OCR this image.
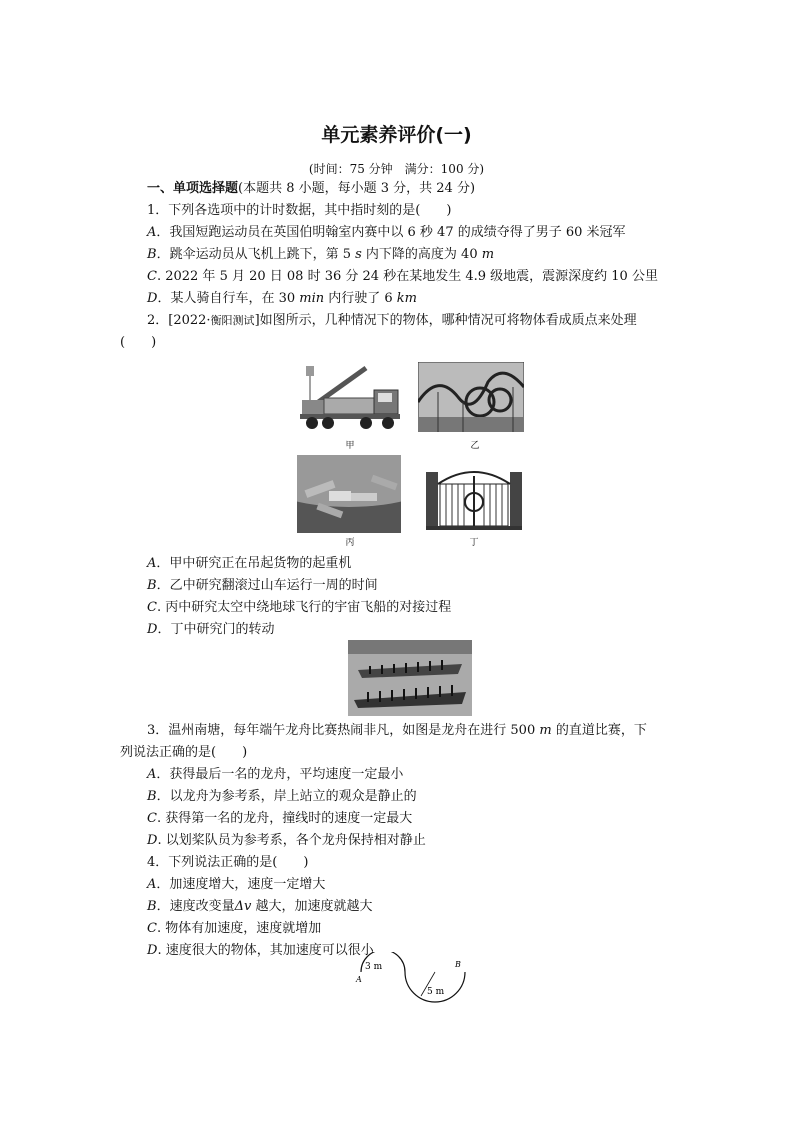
单元素养评价(一)
(时间：75 分钟　满分：100 分)
一、单项选择题(本题共 8 小题，每小题 3 分，共 24 分)
1．下列各选项中的计时数据，其中指时刻的是(　　)
A．我国短跑运动员在英国伯明翰室内赛中以 6 秒 47 的成绩夺得了男子 60 米冠军
B．跳伞运动员从飞机上跳下，第 5 s 内下降的高度为 40 m
C. 2022 年 5 月 20 日 08 时 36 分 24 秒在某地发生 4.9 级地震，震源深度约 10 公里
D．某人骑自行车，在 30 min 内行驶了 6 km
2．[2022·衡阳测试]如图所示，几种情况下的物体，哪种情况可将物体看成质点来处理
(　　)
甲	乙
丙	丁
A．甲中研究正在吊起货物的起重机
B．乙中研究翻滚过山车运行一周的时间
C. 丙中研究太空中绕地球飞行的宇宙飞船的对接过程
D．丁中研究门的转动
3．温州南塘，每年端午龙舟比赛热闹非凡，如图是龙舟在进行 500 m 的直道比赛，下
列说法正确的是(　　)
A．获得最后一名的龙舟，平均速度一定最小
B．以龙舟为参考系，岸上站立的观众是静止的
C. 获得第一名的龙舟，撞线时的速度一定最大
D. 以划桨队员为参考系，各个龙舟保持相对静止
4．下列说法正确的是(　　)
A．加速度增大，速度一定增大
B．速度改变量Δv 越大，加速度就越大
C. 物体有加速度，速度就增加
D. 速度很大的物体，其加速度可以很小
3 m
5 m
A
B
